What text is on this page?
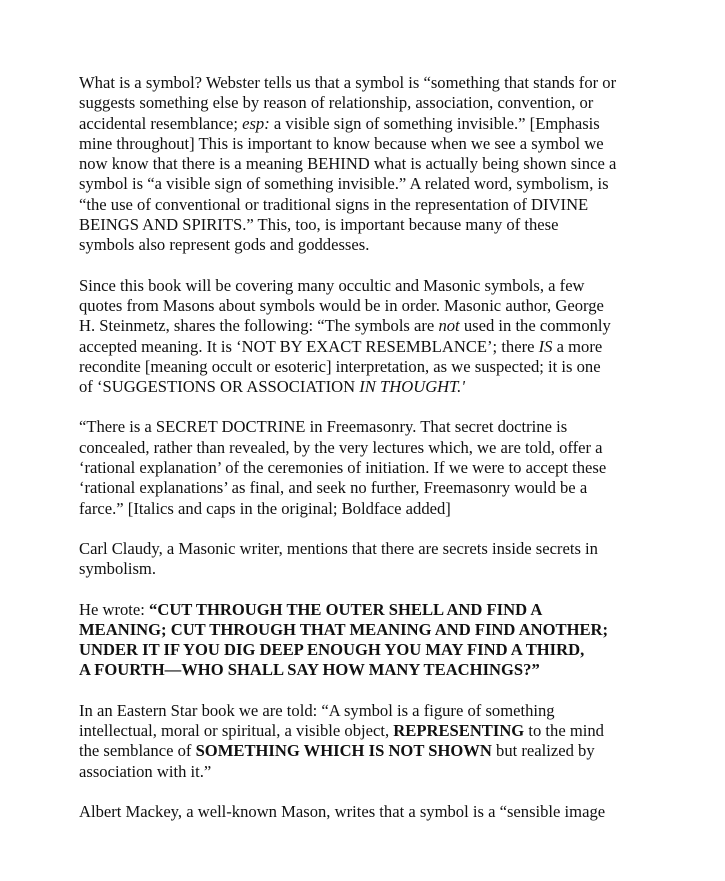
What is a symbol? Webster tells us that a symbol is “something that stands for or
suggests something else by reason of relationship, association, convention, or
accidental resemblance; esp: a visible sign of something invisible.” [Emphasis
mine throughout] This is important to know because when we see a symbol we
now know that there is a meaning BEHIND what is actually being shown since a
symbol is “a visible sign of something invisible.” A related word, symbolism, is
“the use of conventional or traditional signs in the representation of DIVINE
BEINGS AND SPIRITS.” This, too, is important because many of these
symbols also represent gods and goddesses.

Since this book will be covering many occultic and Masonic symbols, a few
quotes from Masons about symbols would be in order. Masonic author, George
H. Steinmetz, shares the following: “The symbols are not used in the commonly
accepted meaning. It is ‘NOT BY EXACT RESEMBLANCE’; there IS a more
recondite [meaning occult or esoteric] interpretation, as we suspected; it is one
of ‘SUGGESTIONS OR ASSOCIATION IN THOUGHT.'

“There is a SECRET DOCTRINE in Freemasonry. That secret doctrine is
concealed, rather than revealed, by the very lectures which, we are told, offer a
‘rational explanation’ of the ceremonies of initiation. If we were to accept these
‘rational explanations’ as final, and seek no further, Freemasonry would be a
farce.” [Italics and caps in the original; Boldface added]

Carl Claudy, a Masonic writer, mentions that there are secrets inside secrets in
symbolism.

He wrote: “CUT THROUGH THE OUTER SHELL AND FIND A
MEANING; CUT THROUGH THAT MEANING AND FIND ANOTHER;
UNDER IT IF YOU DIG DEEP ENOUGH YOU MAY FIND A THIRD,
A FOURTH—WHO SHALL SAY HOW MANY TEACHINGS?”

In an Eastern Star book we are told: “A symbol is a figure of something
intellectual, moral or spiritual, a visible object, REPRESENTING to the mind
the semblance of SOMETHING WHICH IS NOT SHOWN but realized by
association with it.”

Albert Mackey, a well-known Mason, writes that a symbol is a “sensible image
